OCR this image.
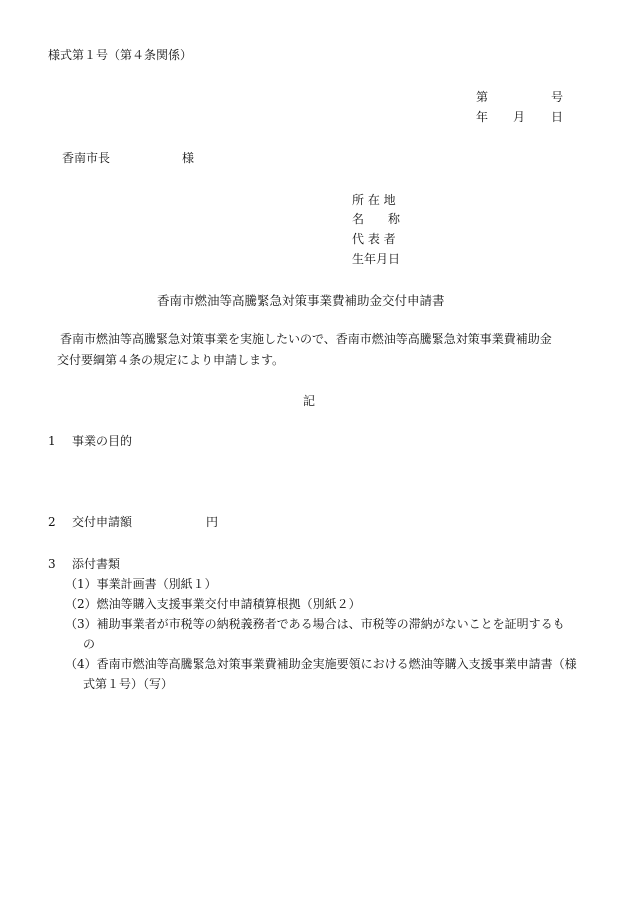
様式第１号（第４条関係）
第	号
年 月 日
香南市長	様
所 在 地
名　　称
代 表 者
生年月日
香南市燃油等高騰緊急対策事業費補助金交付申請書
香南市燃油等高騰緊急対策事業を実施したいので、香南市燃油等高騰緊急対策事業費補助金
交付要綱第４条の規定により申請します。
記
1 事業の目的
2 交付申請額	円
3 添付書類
（1）事業計画書（別紙１）
（2）燃油等購入支援事業交付申請積算根拠（別紙２）
（3）補助事業者が市税等の納税義務者である場合は、市税等の滞納がないことを証明するも
の
（4）香南市燃油等高騰緊急対策事業費補助金実施要領における燃油等購入支援事業申請書（様
式第１号）（写）
